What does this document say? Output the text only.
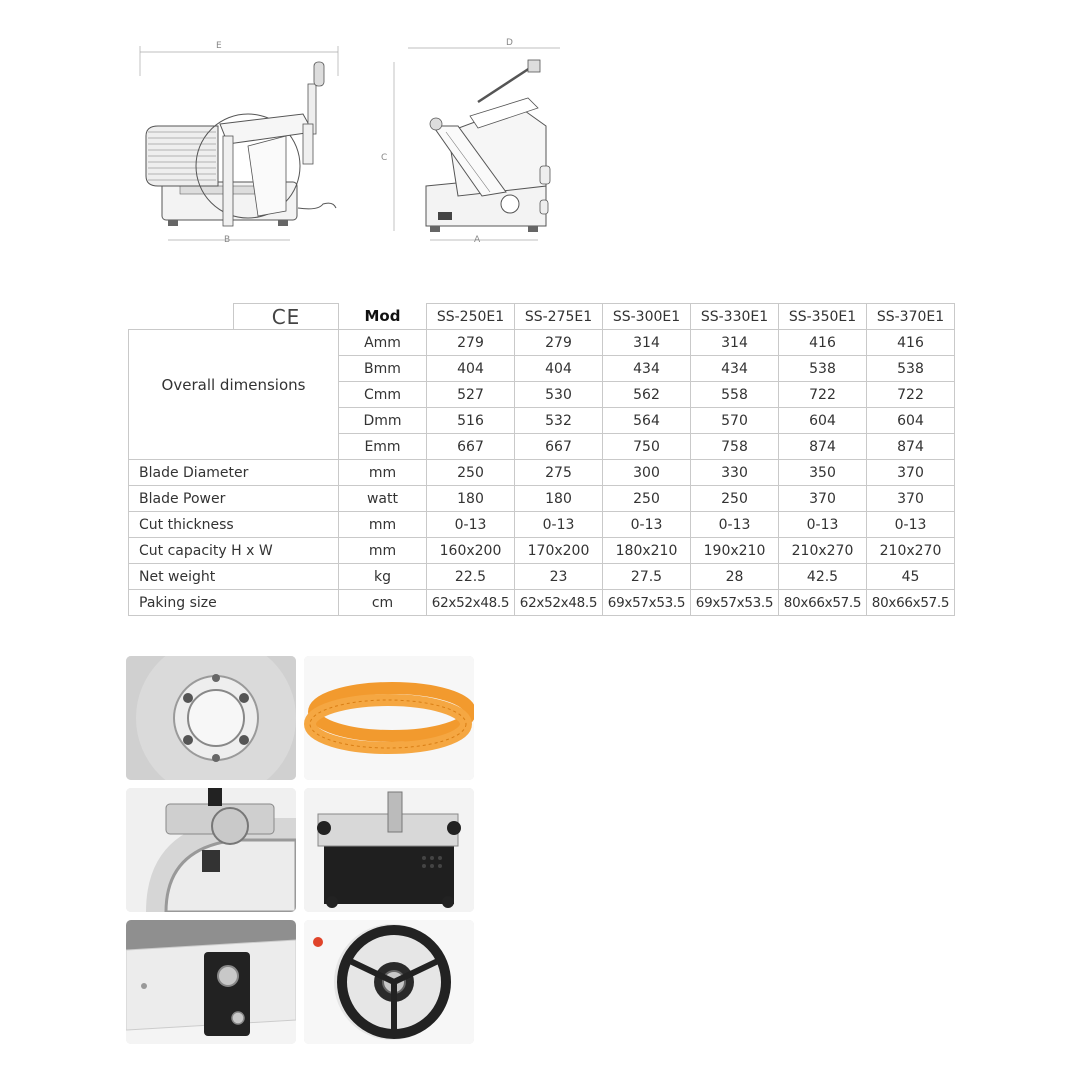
E
B
D
C
A
	CE	Mod	SS-250E1	SS-275E1	SS-300E1	SS-330E1	SS-350E1	SS-370E1
Overall dimensions		Amm	279	279	314	314	416	416
		Bmm	404	404	434	434	538	538
		Cmm	527	530	562	558	722	722
		Dmm	516	532	564	570	604	604
		Emm	667	667	750	758	874	874
Blade Diameter		mm	250	275	300	330	350	370
Blade Power		watt	180	180	250	250	370	370
Cut thickness		mm	0-13	0-13	0-13	0-13	0-13	0-13
Cut capacity H x W		mm	160x200	170x200	180x210	190x210	210x270	210x270
Net weight		kg	22.5	23	27.5	28	42.5	45
Paking size		cm	62x52x48.5	62x52x48.5	69x57x53.5	69x57x53.5	80x66x57.5	80x66x57.5
